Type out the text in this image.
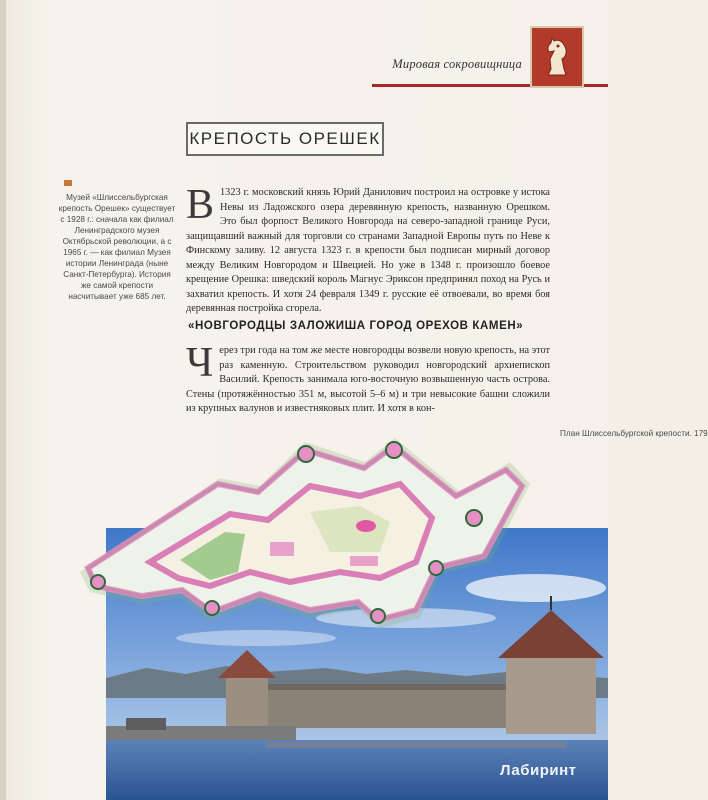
Мировая сокровищница
КРЕПОСТЬ ОРЕШЕК
Музей «Шлиссельбургская крепость Орешек» существует с 1928 г.: сначала как филиал Ленинградского музея Октябрьской революции, а с 1965 г. — как филиал Музея истории Ленинграда (ныне Санкт-Петербурга). История же самой крепости насчитывает уже 685 лет.
В 1323 г. московский князь Юрий Данилович построил на островке у истока Невы из Ладожского озера деревянную крепость, названную Орешком. Это был форпост Великого Новгорода на северо-западной границе Руси, защищавший важный для торговли со странами Западной Европы путь по Неве к Финскому заливу. 12 августа 1323 г. в крепости был подписан мирный договор между Великим Новгородом и Швецией. Но уже в 1348 г. произошло боевое крещение Орешка: шведский король Магнус Эриксон предпринял поход на Русь и захватил крепость. И хотя 24 февраля 1349 г. русские её отвоевали, во время боя деревянная постройка сгорела.
«НОВГОРОДЦЫ ЗАЛОЖИША ГОРОД ОРЕХОВ КАМЕН»
Ч ерез три года на том же месте новгородцы возвели новую крепость, на этот раз каменную. Строительством руководил новгородский архиепископ Василий. Крепость занимала юго-восточную возвышенную часть острова. Стены (протяжённостью 351 м, высотой 5–6 м) и три невысокие башни сложили из крупных валунов и известняковых плит. И хотя в кон-
План Шлиссельбургской крепости. 179
Лабиринт
